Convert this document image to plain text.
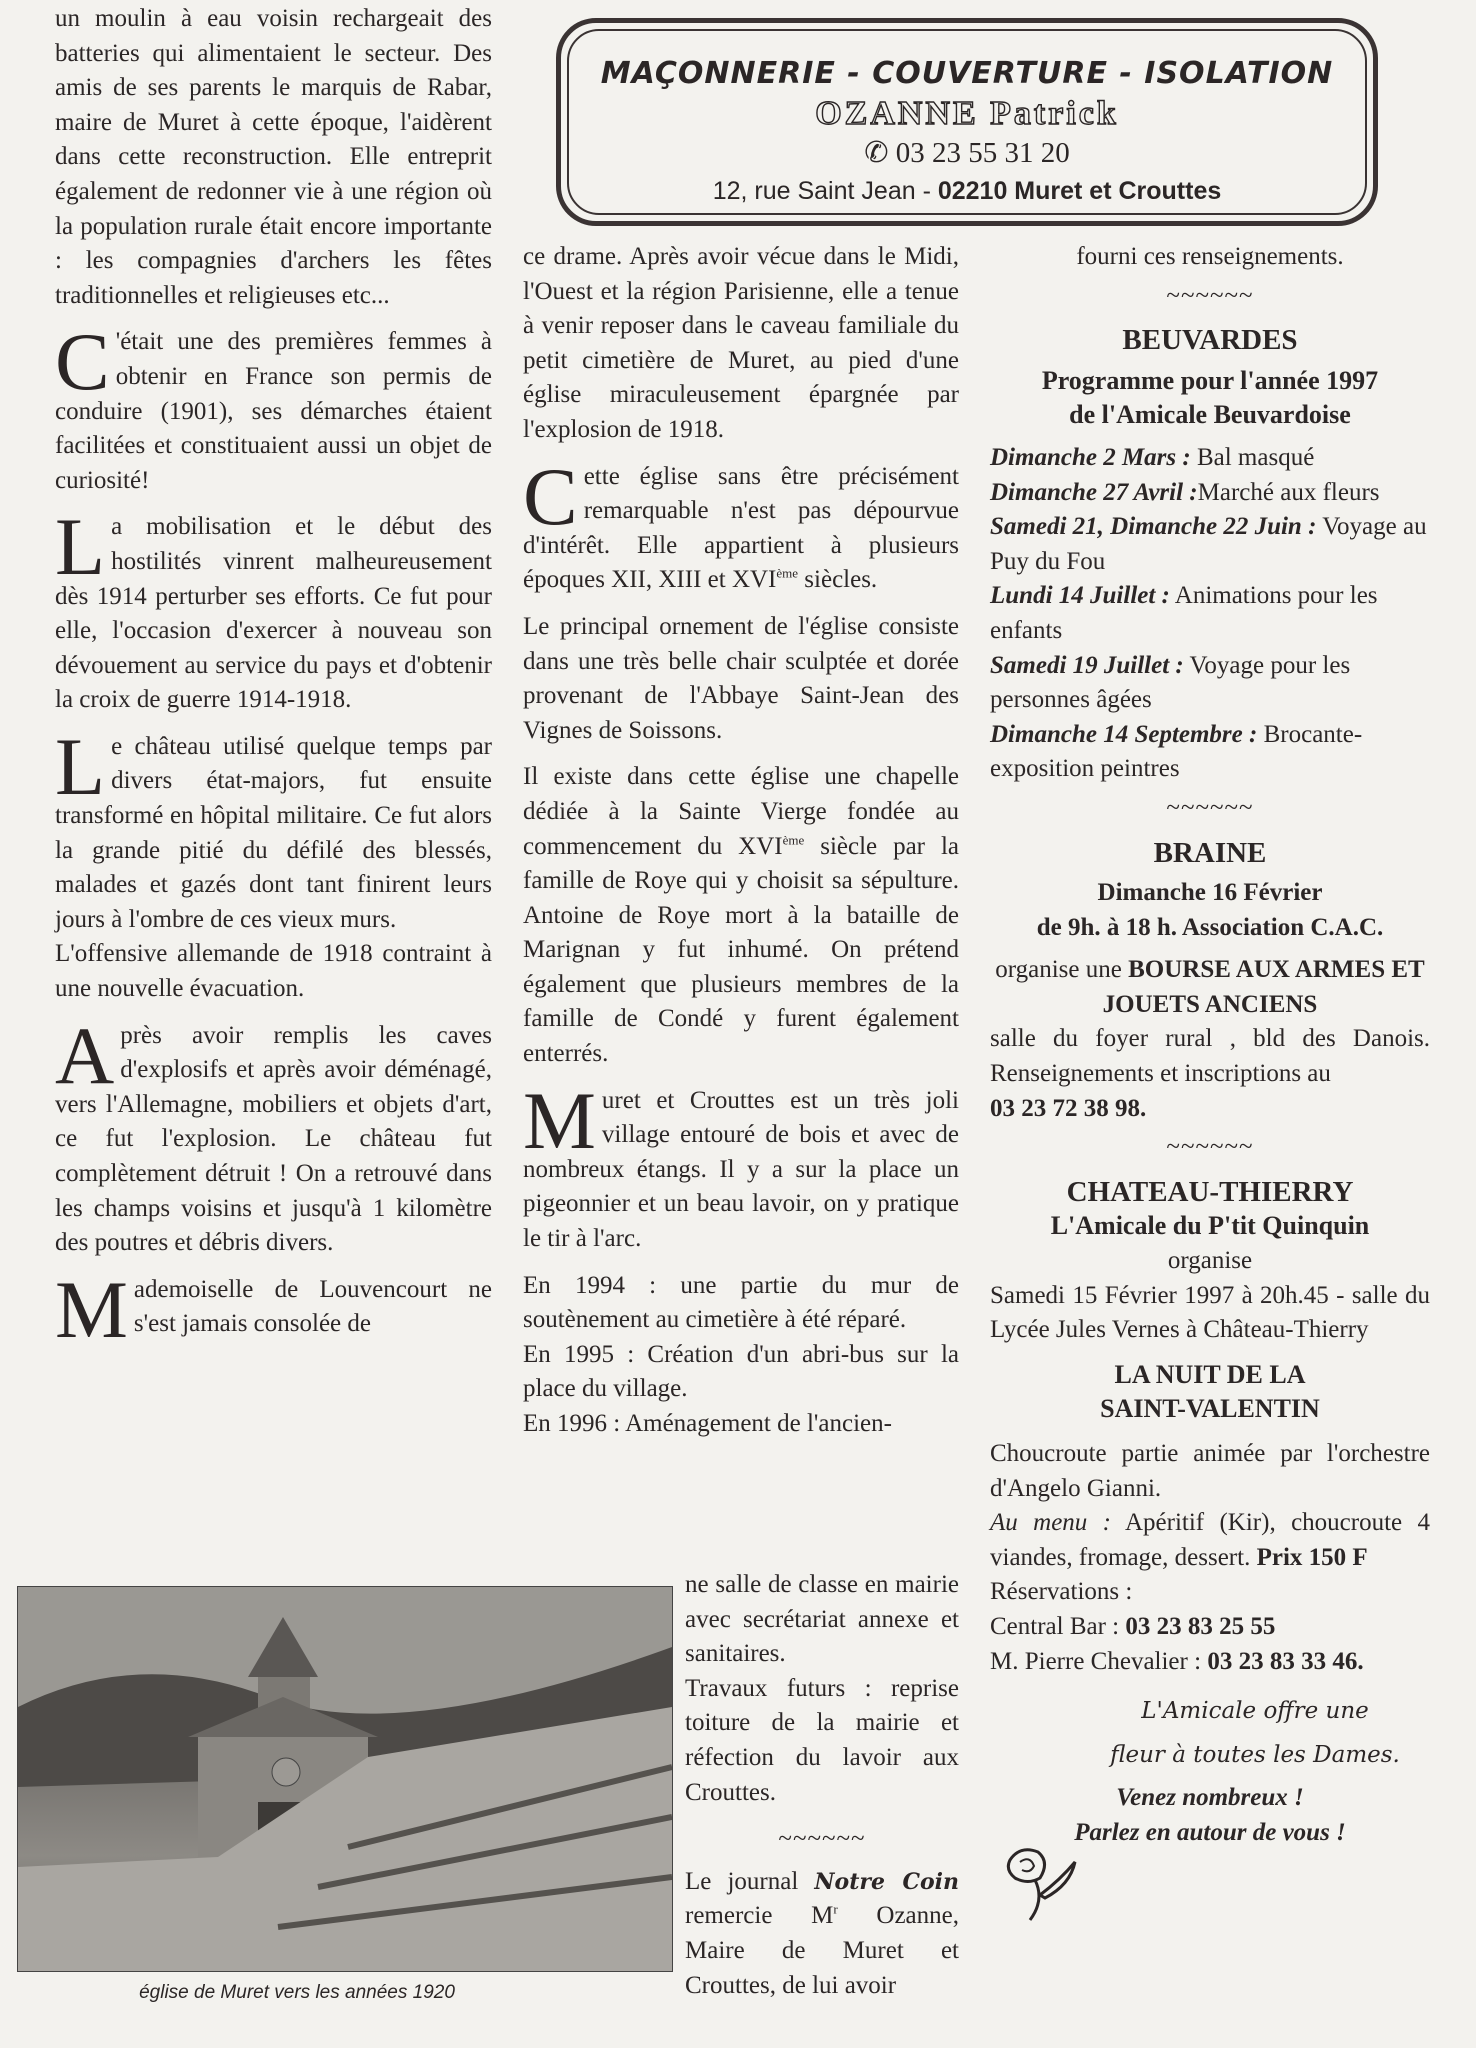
MAÇONNERIE - COUVERTURE - ISOLATION
OZANNE Patrick
✆ 03 23 55 31 20
12, rue Saint Jean - 02210 Muret et Crouttes

un moulin à eau voisin rechargeait des batteries qui alimentaient le secteur. Des amis de ses parents le marquis de Rabar, maire de Muret à cette époque, l'aidèrent dans cette reconstruction. Elle entreprit également de redonner vie à une région où la population rurale était encore importante : les compagnies d'archers les fêtes traditionnelles et religieuses etc...

C 'était une des premières femmes à obtenir en France son permis de conduire (1901), ses démarches étaient facilitées et constituaient aussi un objet de curiosité!

La mobilisation et le début des hostilités vinrent malheureusement dès 1914 perturber ses efforts. Ce fut pour elle, l'occasion d'exercer à nouveau son dévouement au service du pays et d'obtenir la croix de guerre 1914-1918.

Le château utilisé quelque temps par divers état-majors, fut ensuite transformé en hôpital militaire. Ce fut alors la grande pitié du défilé des blessés, malades et gazés dont tant finirent leurs jours à l'ombre de ces vieux murs.

L'offensive allemande de 1918 contraint à une nouvelle évacuation.

Après avoir remplis les caves d'explosifs et après avoir déménagé, vers l'Allemagne, mobiliers et objets d'art, ce fut l'explosion. Le château fut complètement détruit ! On a retrouvé dans les champs voisins et jusqu'à 1 kilomètre des poutres et débris divers.

Mademoiselle de Louvencourt ne s'est jamais consolée de

église de Muret vers les années 1920

ce drame. Après avoir vécue dans le Midi, l'Ouest et la région Parisienne, elle a tenue à venir reposer dans le caveau familiale du petit cimetière de Muret, au pied d'une église miraculeusement épargnée par l'explosion de 1918.

Cette église sans être précisément remarquable n'est pas dépourvue d'intérêt. Elle appartient à plusieurs époques XII, XIII et XVIème siècles.

Le principal ornement de l'église consiste dans une très belle chair sculptée et dorée provenant de l'Abbaye Saint-Jean des Vignes de Soissons.

Il existe dans cette église une chapelle dédiée à la Sainte Vierge fondée au commencement du XVIème siècle par la famille de Roye qui y choisit sa sépulture. Antoine de Roye mort à la bataille de Marignan y fut inhumé. On prétend également que plusieurs membres de la famille de Condé y furent également enterrés.

Muret et Crouttes est un très joli village entouré de bois et avec de nombreux étangs. Il y a sur la place un pigeonnier et un beau lavoir, on y pratique le tir à l'arc.

En 1994 : une partie du mur de soutènement au cimetière à été réparé.

En 1995 : Création d'un abri-bus sur la place du village.

En 1996 : Aménagement de l'ancien-

ne salle de classe en mairie avec secrétariat annexe et sanitaires.

Travaux futurs : reprise toiture de la mairie et réfection du lavoir aux Crouttes.

~~~~~~

Le journal Notre Coin remercie $M^r$ Ozanne, Maire de Muret et Crouttes, de lui avoir

fourni ces renseignements.
~~~~~~
BEUVARDES
Programme pour l'année 1997
de l'Amicale Beuvardoise
Dimanche 2 Mars : Bal masqué
Dimanche 27 Avril :Marché aux fleurs
Samedi 21, Dimanche 22 Juin : Voyage au Puy du Fou
Lundi 14 Juillet : Animations pour les enfants
Samedi 19 Juillet : Voyage pour les personnes âgées
Dimanche 14 Septembre : Brocante-exposition peintres
~~~~~~
BRAINE
Dimanche 16 Février
de 9h. à 18 h. Association C.A.C.
organise une BOURSE AUX ARMES ET JOUETS ANCIENS
salle du foyer rural , bld des Danois. Renseignements et inscriptions au
03 23 72 38 98.
~~~~~~
CHATEAU-THIERRY
L'Amicale du P'tit Quinquin
organise
Samedi 15 Février 1997 à 20h.45 - salle du Lycée Jules Vernes à Château-Thierry
LA NUIT DE LA
SAINT-VALENTIN
Choucroute partie animée par l'orchestre d'Angelo Gianni.
Au menu : Apéritif (Kir), choucroute 4 viandes, fromage, dessert. Prix 150 F
Réservations :
Central Bar : 03 23 83 25 55
M. Pierre Chevalier : 03 23 83 33 46.
L'Amicale offre une
fleur à toutes les Dames.
Venez nombreux !
Parlez en autour de vous !
